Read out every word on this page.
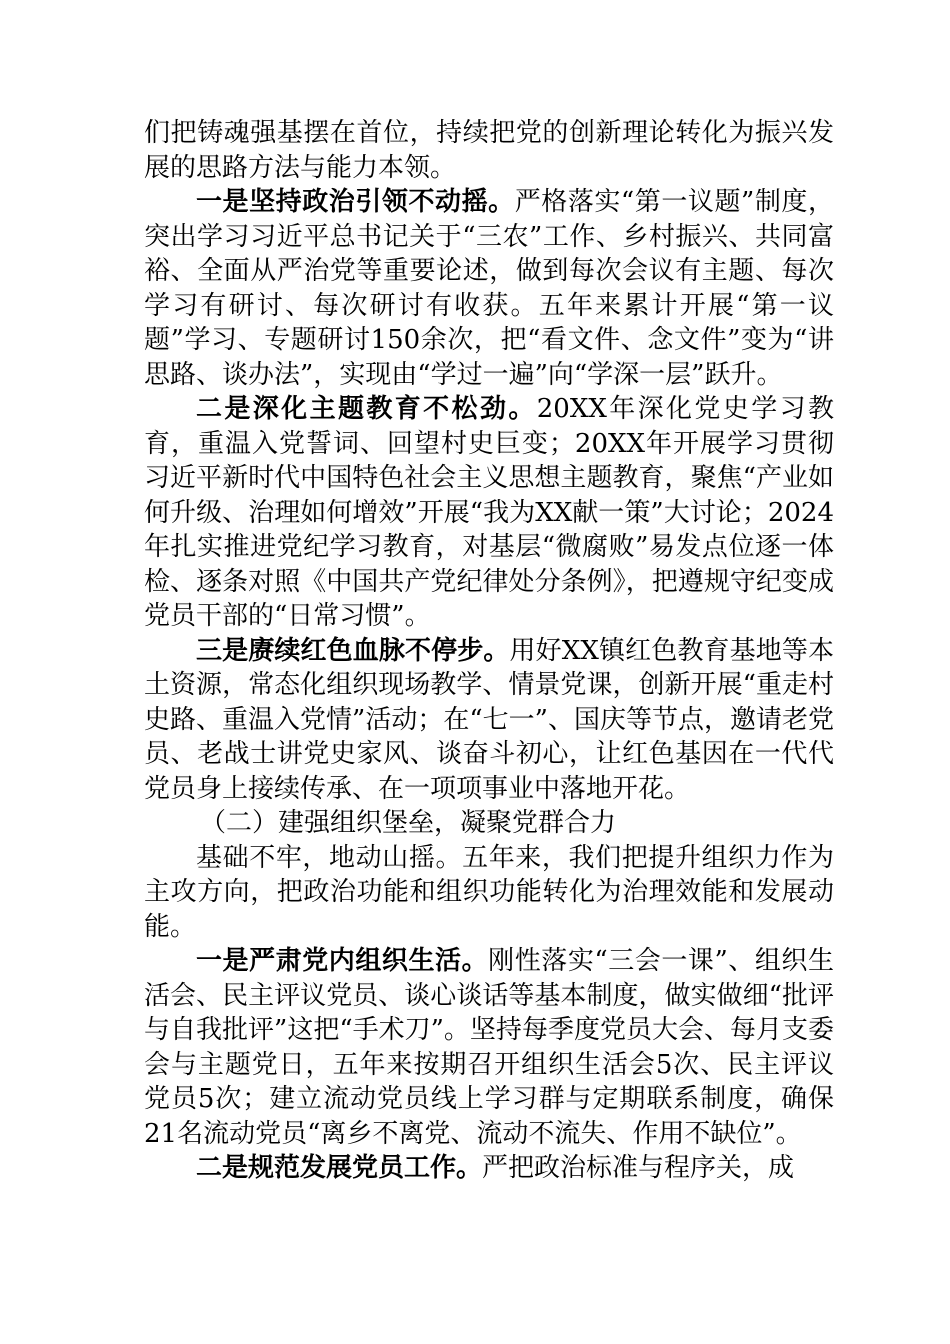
们把铸魂强基摆在首位，持续把党的创新理论转化为振兴发展的思路方法与能力本领。

一是坚持政治引领不动摇。严格落实“第一议题”制度，突出学习习近平总书记关于“三农”工作、乡村振兴、共同富裕、全面从严治党等重要论述，做到每次会议有主题、每次学习有研讨、每次研讨有收获。五年来累计开展“第一议题”学习、专题研讨150余次，把“看文件、念文件”变为“讲思路、谈办法”，实现由“学过一遍”向“学深一层”跃升。

二是深化主题教育不松劲。20XX年深化党史学习教育，重温入党誓词、回望村史巨变；20XX年开展学习贯彻习近平新时代中国特色社会主义思想主题教育，聚焦“产业如何升级、治理如何增效”开展“我为XX献一策”大讨论；2024年扎实推进党纪学习教育，对基层“微腐败”易发点位逐一体检、逐条对照《中国共产党纪律处分条例》，把遵规守纪变成党员干部的“日常习惯”。

三是赓续红色血脉不停步。用好XX镇红色教育基地等本土资源，常态化组织现场教学、情景党课，创新开展“重走村史路、重温入党情”活动；在“七一”、国庆等节点，邀请老党员、老战士讲党史家风、谈奋斗初心，让红色基因在一代代党员身上接续传承、在一项项事业中落地开花。

（二）建强组织堡垒，凝聚党群合力

基础不牢，地动山摇。五年来，我们把提升组织力作为主攻方向，把政治功能和组织功能转化为治理效能和发展动能。

一是严肃党内组织生活。刚性落实“三会一课”、组织生活会、民主评议党员、谈心谈话等基本制度，做实做细“批评与自我批评”这把“手术刀”。坚持每季度党员大会、每月支委会与主题党日，五年来按期召开组织生活会5次、民主评议党员5次；建立流动党员线上学习群与定期联系制度，确保21名流动党员“离乡不离党、流动不流失、作用不缺位”。

二是规范发展党员工作。严把政治标准与程序关，成
